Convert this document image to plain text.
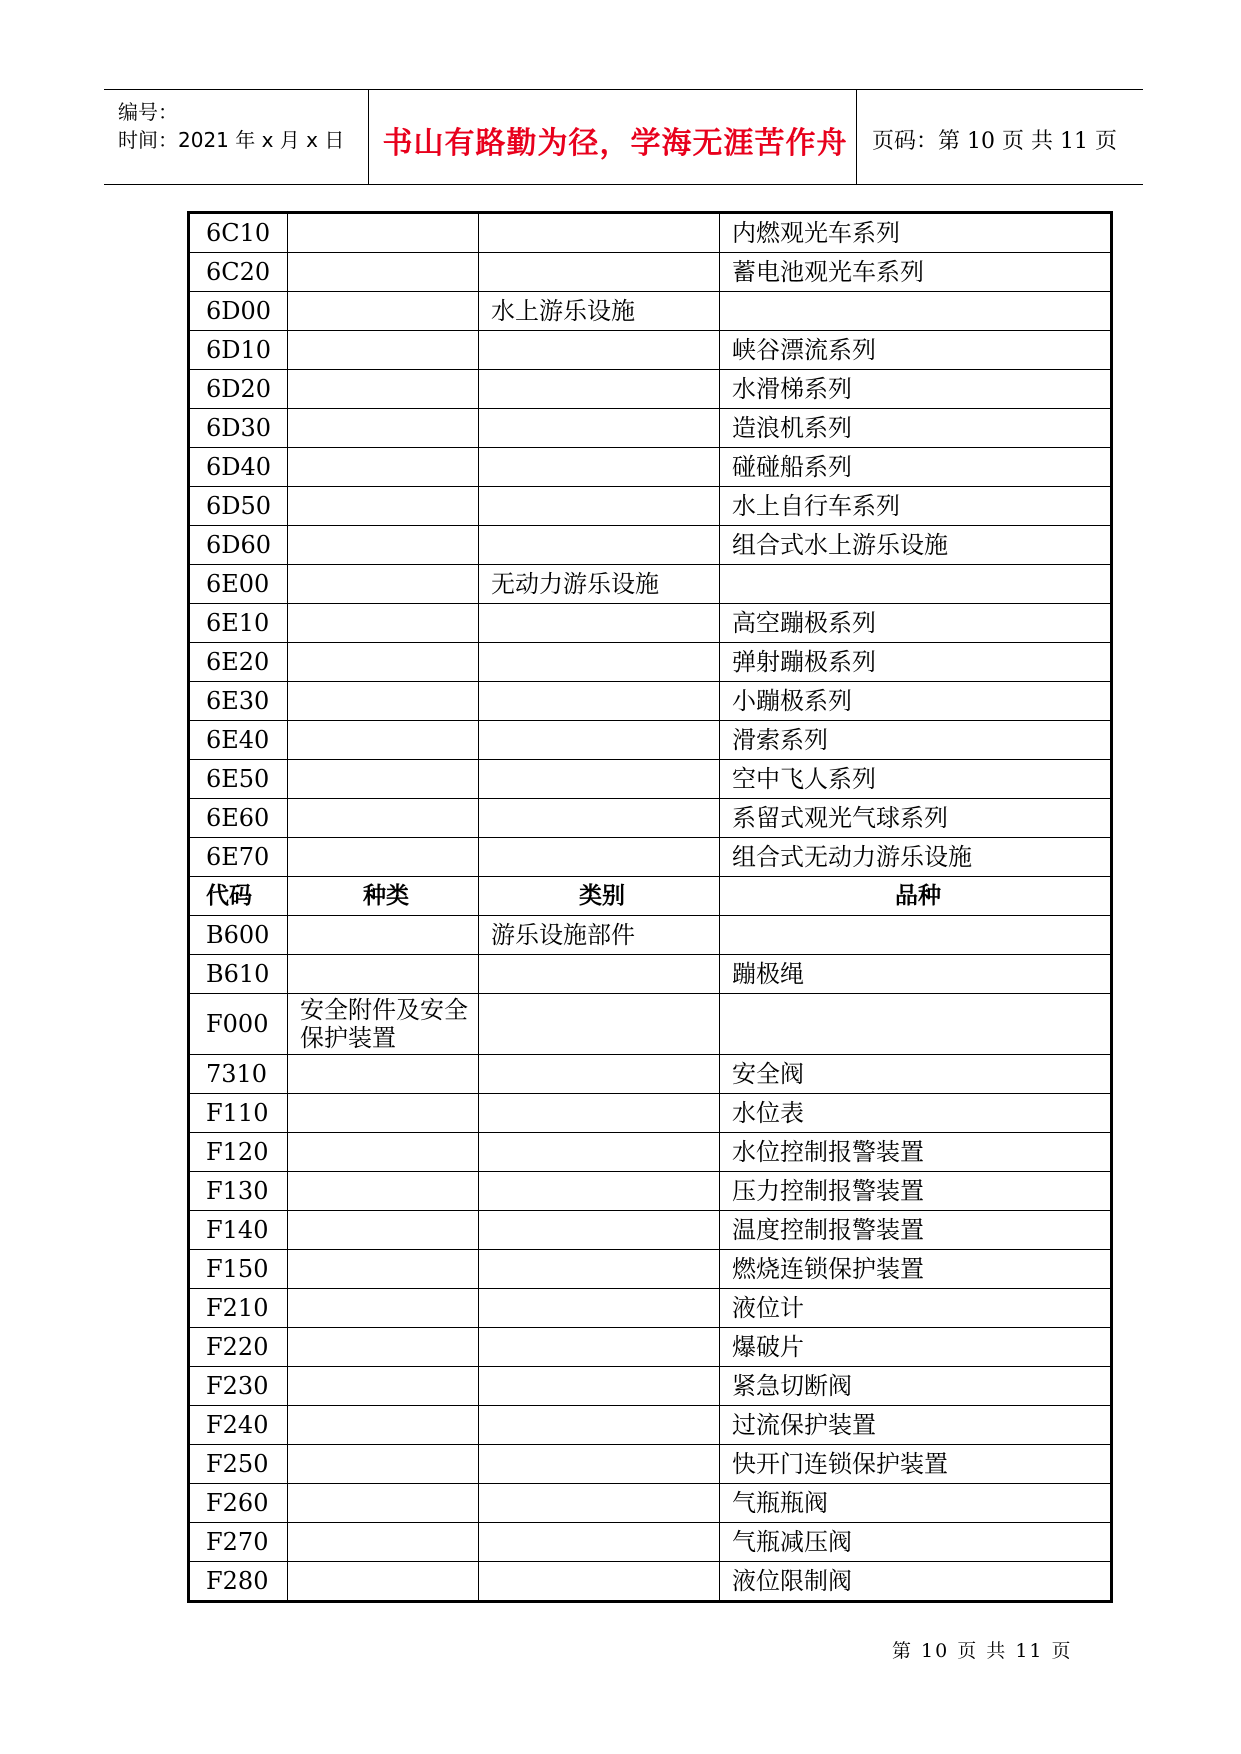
编号：
时间：2021 年 x 月 x 日	书山有路勤为径，学海无涯苦作舟	页码：第 10 页 共 11 页
6C10			内燃观光车系列
6C20			蓄电池观光车系列
6D00		水上游乐设施	
6D10			峡谷漂流系列
6D20			水滑梯系列
6D30			造浪机系列
6D40			碰碰船系列
6D50			水上自行车系列
6D60			组合式水上游乐设施
6E00		无动力游乐设施	
6E10			高空蹦极系列
6E20			弹射蹦极系列
6E30			小蹦极系列
6E40			滑索系列
6E50			空中飞人系列
6E60			系留式观光气球系列
6E70			组合式无动力游乐设施
代码	种类	类别	品种
B600		游乐设施部件	
B610			蹦极绳
F000	安全附件及安全保护装置		
7310			安全阀
F110			水位表
F120			水位控制报警装置
F130			压力控制报警装置
F140			温度控制报警装置
F150			燃烧连锁保护装置
F210			液位计
F220			爆破片
F230			紧急切断阀
F240			过流保护装置
F250			快开门连锁保护装置
F260			气瓶瓶阀
F270			气瓶减压阀
F280			液位限制阀
第 10 页 共 11 页
